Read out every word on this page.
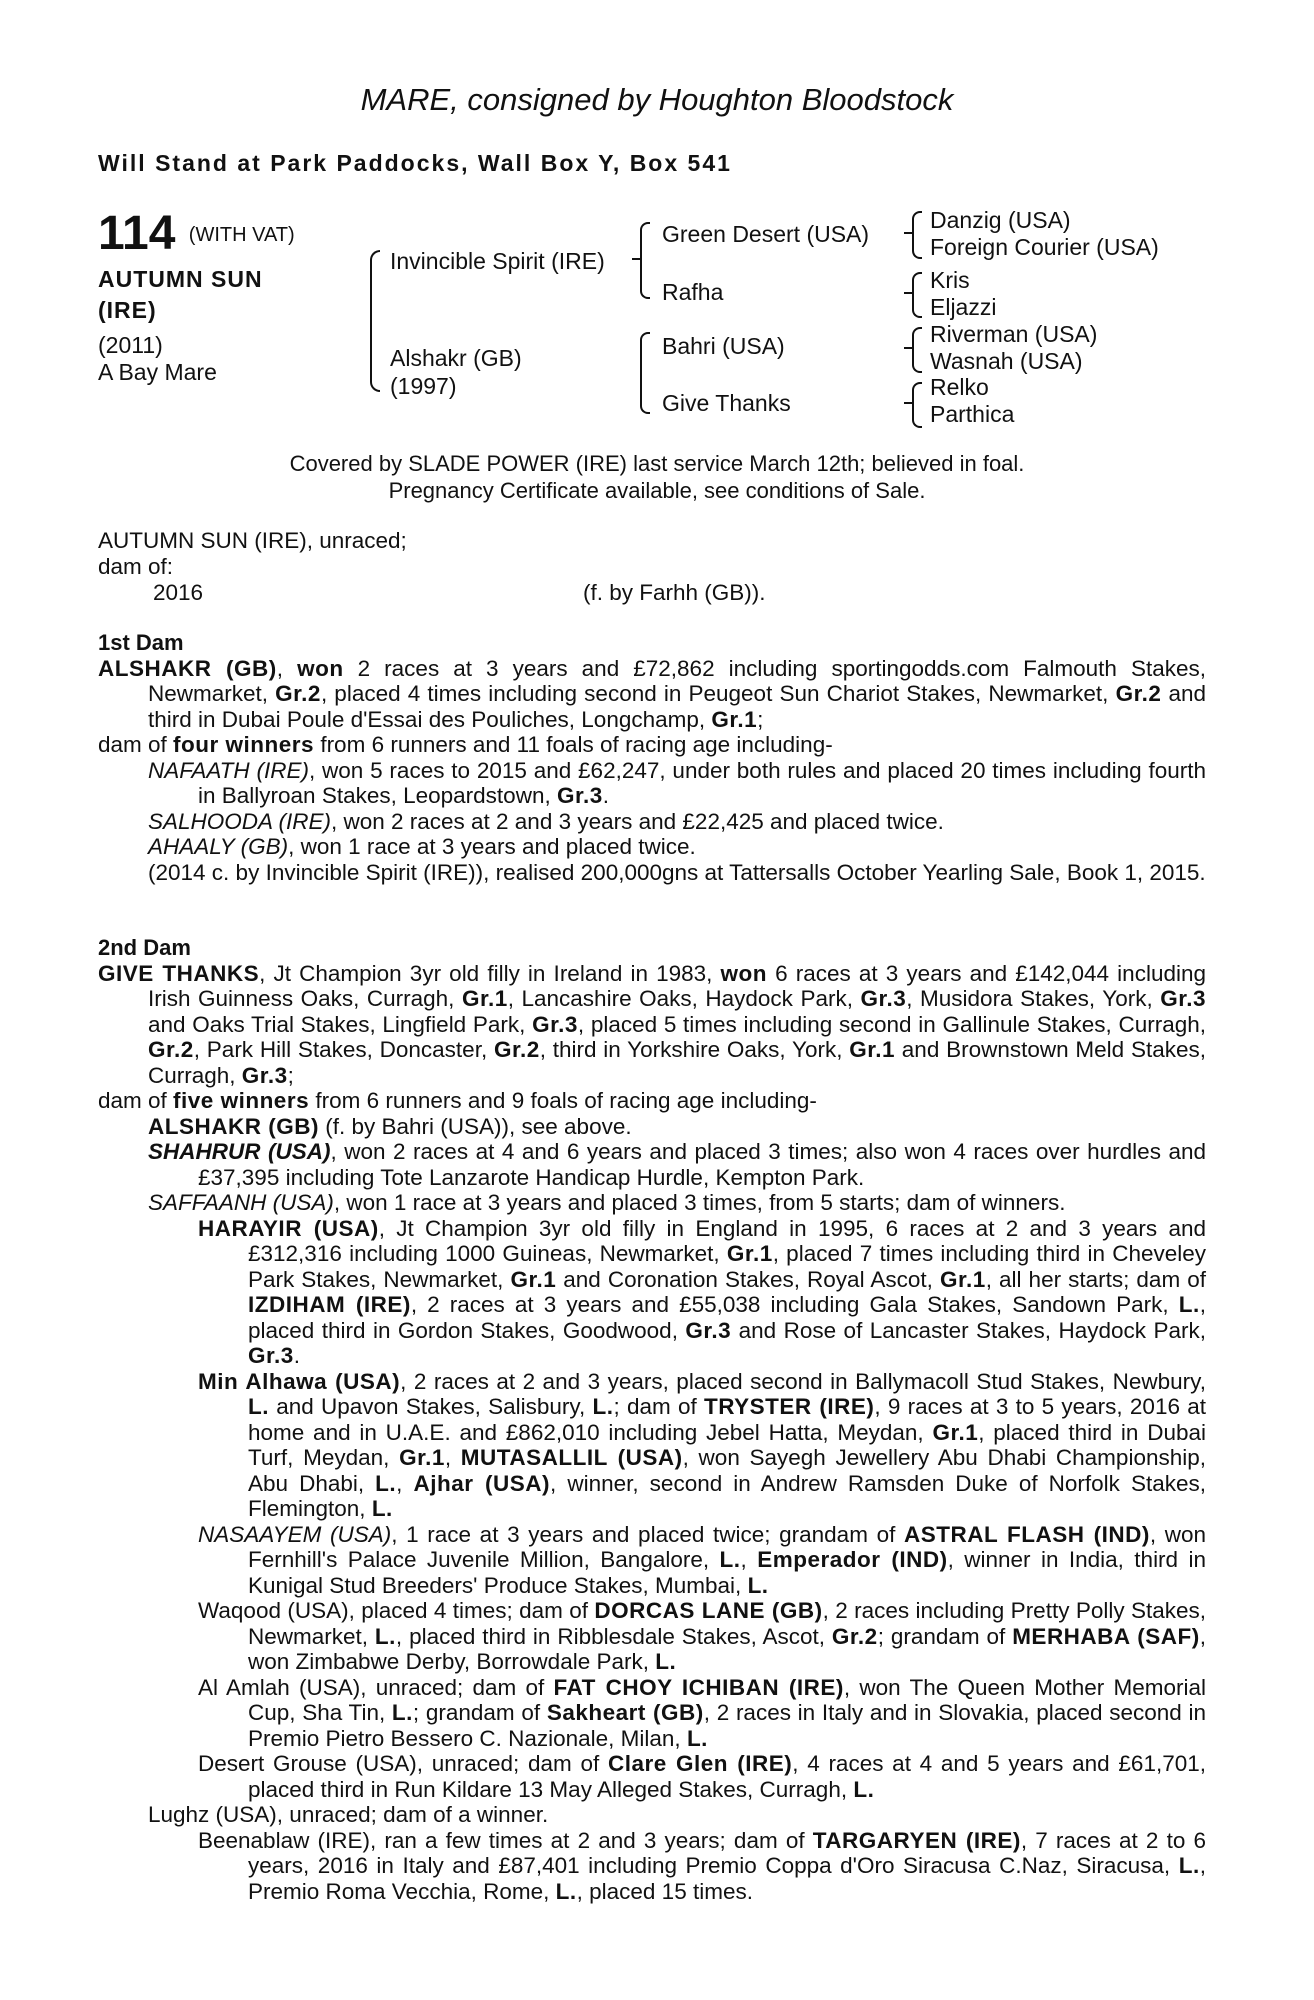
MARE, consigned by Houghton Bloodstock
Will Stand at Park Paddocks, Wall Box Y, Box 541
114 (WITH VAT)
AUTUMN SUN
(IRE)
(2011)
A Bay Mare
Invincible Spirit (IRE)
Alshakr (GB)
(1997)
Green Desert (USA)
Rafha
Bahri (USA)
Give Thanks
Danzig (USA)
Foreign Courier (USA)
Kris
Eljazzi
Riverman (USA)
Wasnah (USA)
Relko
Parthica
Covered by SLADE POWER (IRE) last service March 12th; believed in foal.
Pregnancy Certificate available, see conditions of Sale.
AUTUMN SUN (IRE), unraced;
dam of:
2016	(f. by Farhh (GB)).

1st Dam

ALSHAKR (GB), won 2 races at 3 years and £72,862 including sportingodds.com Falmouth Stakes, Newmarket, Gr.2, placed 4 times including second in Peugeot Sun Chariot Stakes, Newmarket, Gr.2 and third in Dubai Poule d'Essai des Pouliches, Longchamp, Gr.1;

dam of four winners from 6 runners and 11 foals of racing age including-

NAFAATH (IRE), won 5 races to 2015 and £62,247, under both rules and placed 20 times including fourth in Ballyroan Stakes, Leopardstown, Gr.3.

SALHOODA (IRE), won 2 races at 2 and 3 years and £22,425 and placed twice.

AHAALY (GB), won 1 race at 3 years and placed twice.

(2014 c. by Invincible Spirit (IRE)), realised 200,000gns at Tattersalls October Yearling Sale, Book 1, 2015.

2nd Dam

GIVE THANKS, Jt Champion 3yr old filly in Ireland in 1983, won 6 races at 3 years and £142,044 including Irish Guinness Oaks, Curragh, Gr.1, Lancashire Oaks, Haydock Park, Gr.3, Musidora Stakes, York, Gr.3 and Oaks Trial Stakes, Lingfield Park, Gr.3, placed 5 times including second in Gallinule Stakes, Curragh, Gr.2, Park Hill Stakes, Doncaster, Gr.2, third in Yorkshire Oaks, York, Gr.1 and Brownstown Meld Stakes, Curragh, Gr.3;

dam of five winners from 6 runners and 9 foals of racing age including-

ALSHAKR (GB) (f. by Bahri (USA)), see above.

SHAHRUR (USA), won 2 races at 4 and 6 years and placed 3 times; also won 4 races over hurdles and £37,395 including Tote Lanzarote Handicap Hurdle, Kempton Park.

SAFFAANH (USA), won 1 race at 3 years and placed 3 times, from 5 starts; dam of winners.

HARAYIR (USA), Jt Champion 3yr old filly in England in 1995, 6 races at 2 and 3 years and £312,316 including 1000 Guineas, Newmarket, Gr.1, placed 7 times including third in Cheveley Park Stakes, Newmarket, Gr.1 and Coronation Stakes, Royal Ascot, Gr.1, all her starts; dam of IZDIHAM (IRE), 2 races at 3 years and £55,038 including Gala Stakes, Sandown Park, L., placed third in Gordon Stakes, Goodwood, Gr.3 and Rose of Lancaster Stakes, Haydock Park, Gr.3.

Min Alhawa (USA), 2 races at 2 and 3 years, placed second in Ballymacoll Stud Stakes, Newbury, L. and Upavon Stakes, Salisbury, L.; dam of TRYSTER (IRE), 9 races at 3 to 5 years, 2016 at home and in U.A.E. and £862,010 including Jebel Hatta, Meydan, Gr.1, placed third in Dubai Turf, Meydan, Gr.1, MUTASALLIL (USA), won Sayegh Jewellery Abu Dhabi Championship, Abu Dhabi, L., Ajhar (USA), winner, second in Andrew Ramsden Duke of Norfolk Stakes, Flemington, L.

NASAAYEM (USA), 1 race at 3 years and placed twice; grandam of ASTRAL FLASH (IND), won Fernhill's Palace Juvenile Million, Bangalore, L., Emperador (IND), winner in India, third in Kunigal Stud Breeders' Produce Stakes, Mumbai, L.

Waqood (USA), placed 4 times; dam of DORCAS LANE (GB), 2 races including Pretty Polly Stakes, Newmarket, L., placed third in Ribblesdale Stakes, Ascot, Gr.2; grandam of MERHABA (SAF), won Zimbabwe Derby, Borrowdale Park, L.

Al Amlah (USA), unraced; dam of FAT CHOY ICHIBAN (IRE), won The Queen Mother Memorial Cup, Sha Tin, L.; grandam of Sakheart (GB), 2 races in Italy and in Slovakia, placed second in Premio Pietro Bessero C. Nazionale, Milan, L.

Desert Grouse (USA), unraced; dam of Clare Glen (IRE), 4 races at 4 and 5 years and £61,701, placed third in Run Kildare 13 May Alleged Stakes, Curragh, L.

Lughz (USA), unraced; dam of a winner.

Beenablaw (IRE), ran a few times at 2 and 3 years; dam of TARGARYEN (IRE), 7 races at 2 to 6 years, 2016 in Italy and £87,401 including Premio Coppa d'Oro Siracusa C.Naz, Siracusa, L., Premio Roma Vecchia, Rome, L., placed 15 times.
